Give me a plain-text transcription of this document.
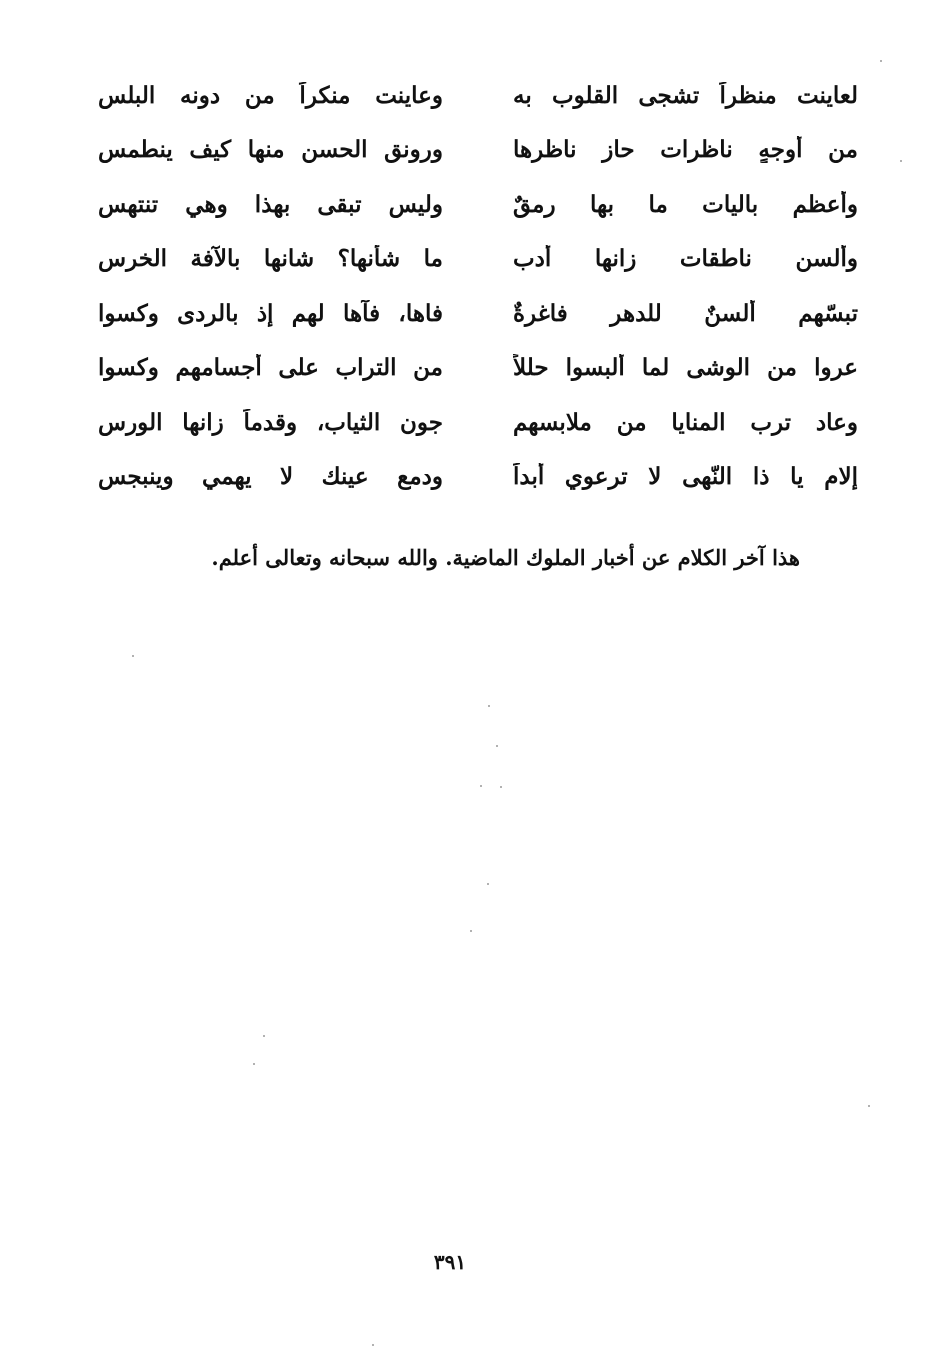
لعاينت منظراً تشجى القلوب به
وعاينت منكراً من دونه البلس
من أوجهٍ ناظرات حاز ناظرها
ورونق الحسن منها كيف ينطمس
وأعظمٍ باليات ما بها رمقٌ
وليس تبقى بهذا وهي تنتهس
وألسنٍ ناطقات زانها أدب
ما شأنها؟ شانها بالآفة الخرس
تبسّهم ألسنٌ للدهر فاغرةٌ
فاها، فآها لهم إذ بالردى وكسوا
عروا من الوشى لما ألبسوا حللاً
من التراب على أجسامهم وكسوا
وعاد ترب المنايا من ملابسهم
جون الثياب، وقدماً زانها الورس
إلام يا ذا النّهى لا ترعوي أبداً
ودمع عينك لا يهمي وينبجس
هذا آخر الكلام عن أخبار الملوك الماضية. والله سبحانه وتعالى أعلم.
٣٩١
